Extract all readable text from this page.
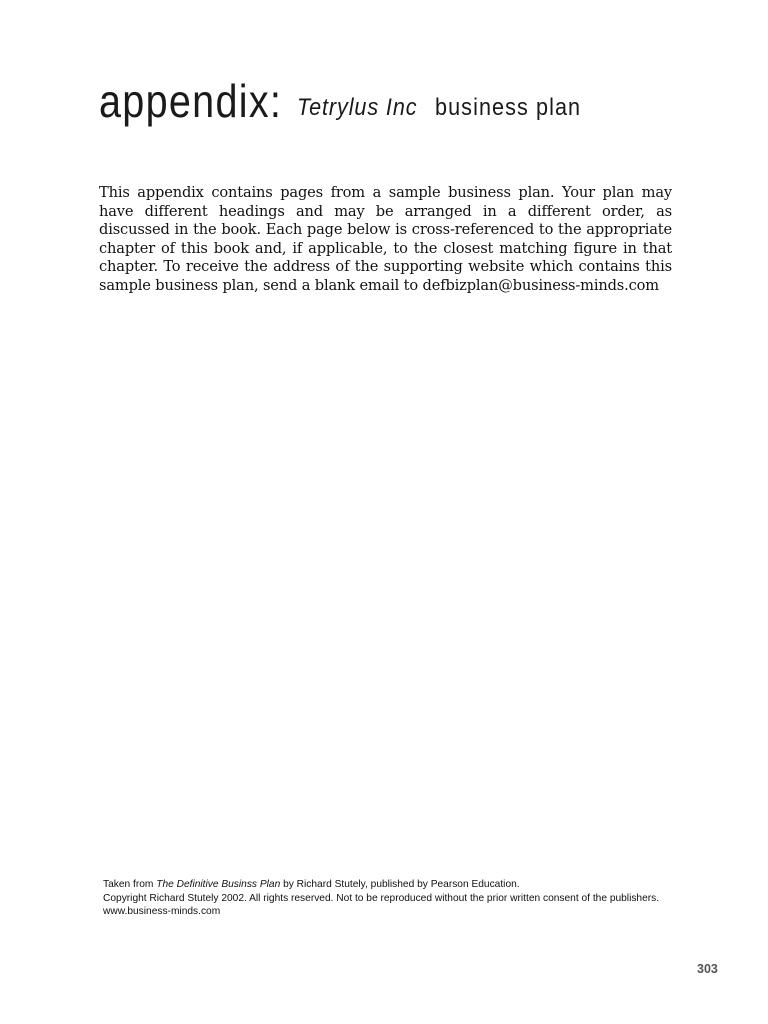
appendix: Tetrylus Inc business plan

This appendix contains pages from a sample business plan. Your plan may have different headings and may be arranged in a different order, as discussed in the book. Each page below is cross-referenced to the appropriate chapter of this book and, if applicable, to the closest matching figure in that chapter. To receive the address of the supporting website which contains this sample business plan, send a blank email to defbizplan@business-minds.com

Taken from The Definitive Businss Plan by Richard Stutely, published by Pearson Education.

Copyright Richard Stutely 2002. All rights reserved. Not to be reproduced without the prior written consent of the publishers.

www.business-minds.com

303
